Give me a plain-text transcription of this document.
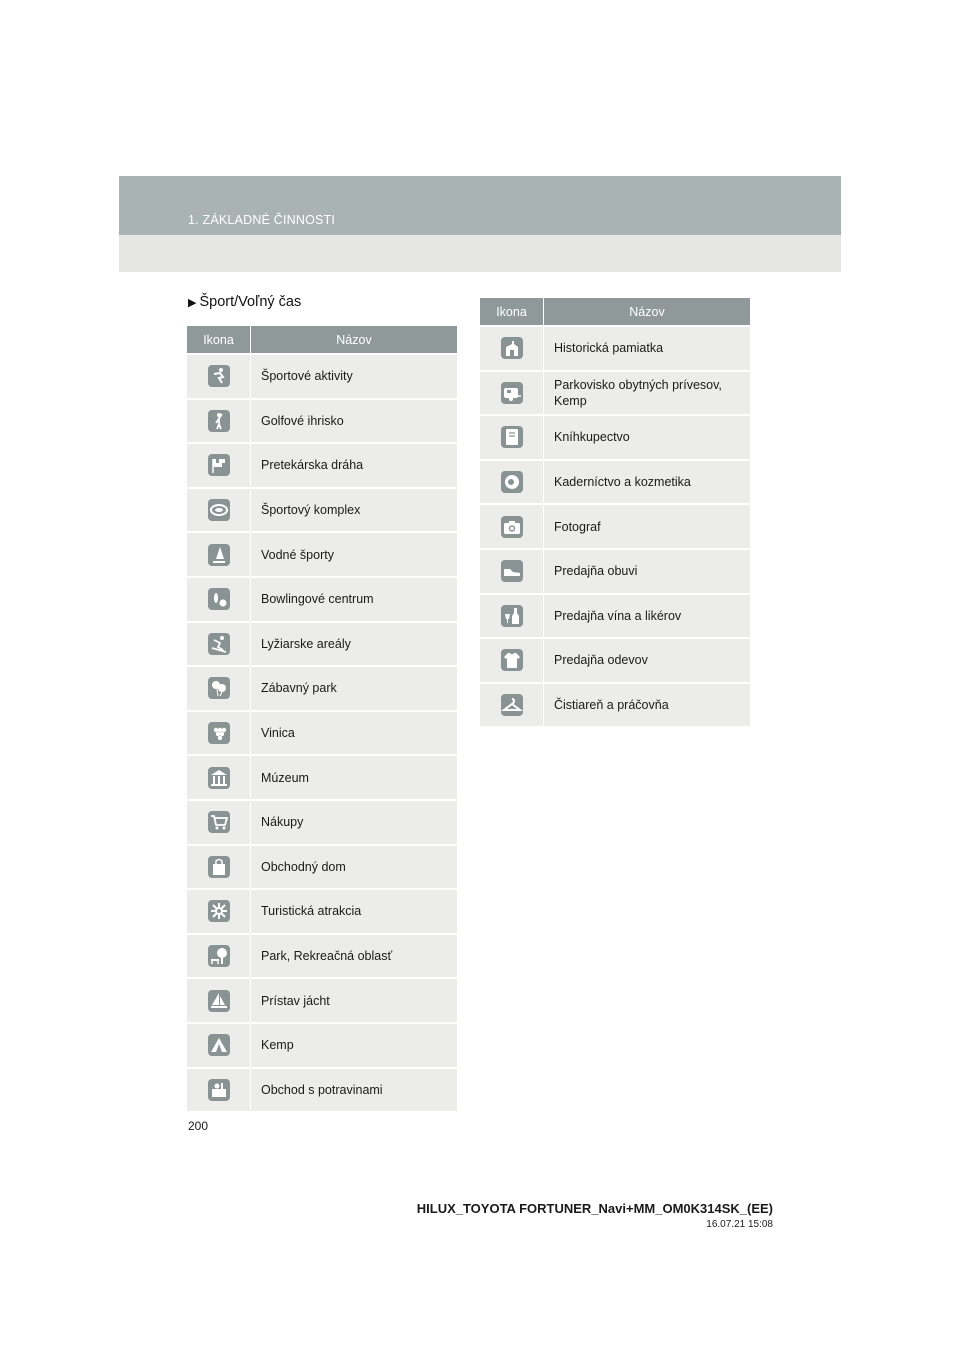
1. ZÁKLADNÉ ČINNOSTI
▶ Šport/Voľný čas
Ikona	Názov

	Športové aktivity

	Golfové ihrisko

	Pretekárska dráha

	Športový komplex

	Vodné športy

	Bowlingové centrum

	Lyžiarske areály

	Zábavný park

	Vinica

	Múzeum

	Nákupy

	Obchodný dom

	Turistická atrakcia

	Park, Rekreačná oblasť

	Prístav jácht

	Kemp

	Obchod s potravinami
Ikona	Názov

	Historická pamiatka

	Parkovisko obytných prívesov, Kemp

	Kníhkupectvo

	Kaderníctvo a kozmetika

	Fotograf

	Predajňa obuvi

	Predajňa vína a likérov

	Predajňa odevov

	Čistiareň a práčovňa
200
HILUX_TOYOTA FORTUNER_Navi+MM_OM0K314SK_(EE)
16.07.21 15:08
